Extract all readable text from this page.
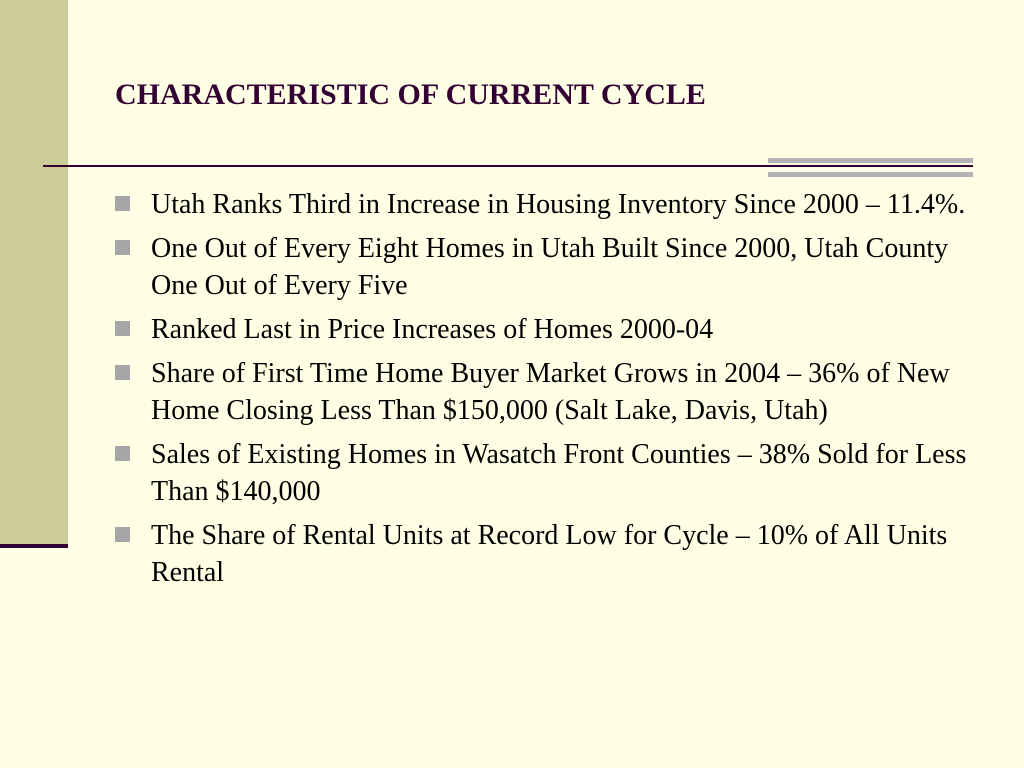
CHARACTERISTIC OF CURRENT CYCLE
Utah Ranks Third in Increase in Housing Inventory Since 2000 – 11.4%.
One Out of Every Eight Homes in Utah Built Since 2000, Utah County One Out of Every Five
Ranked Last in Price Increases of Homes 2000-04
Share of First Time Home Buyer Market Grows in 2004 – 36% of New Home Closing Less Than $150,000 (Salt Lake, Davis, Utah)
Sales of Existing Homes in Wasatch Front Counties – 38% Sold for Less Than $140,000
The Share of Rental Units at Record Low for Cycle – 10% of All Units Rental
